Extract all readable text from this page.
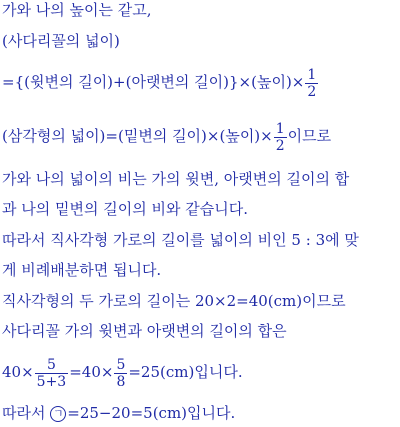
가와 나의 높이는 같고,
(사다리꼴의 넓이)
={(윗변의 길이)+(아랫변의 길이)}×(높이)× $\frac{1}{2}$
(삼각형의 넓이)=(밑변의 길이)×(높이)× $\frac{1}{2}$ 이므로
가와 나의 넓이의 비는 가의 윗변, 아랫변의 길이의 합
과 나의 밑변의 길이의 비와 같습니다.
따라서 직사각형 가로의 길이를 넓이의 비인 5 : 3에 맞
게 비례배분하면 됩니다.
직사각형의 두 가로의 길이는 20×2=40(cm)이므로
사다리꼴 가의 윗변과 아랫변의 길이의 합은
$40\times \frac{5}{5+3} =40\times \frac{5}{8} =25(cm)$입니다.
따라서 ㄱ =25−20=5(cm)입니다.
